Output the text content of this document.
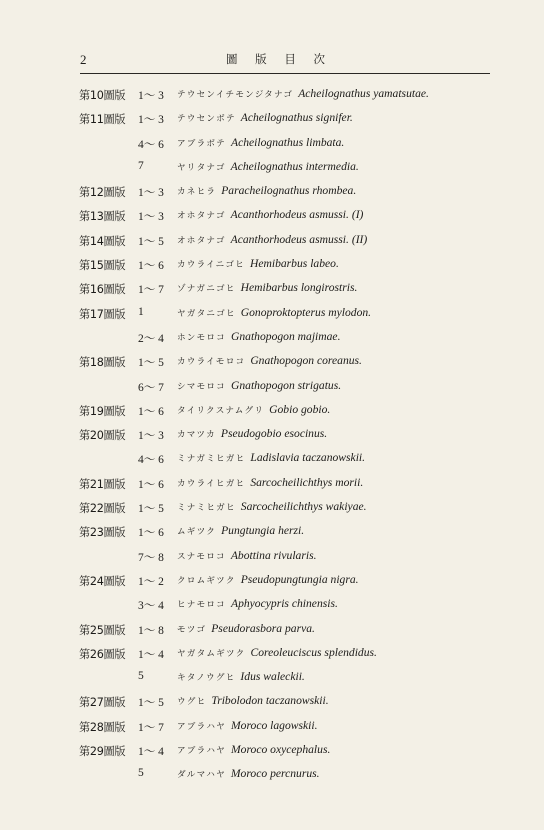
2	圖 版 目 次
第10圖版 1～ 3 テウセンイチモンジタナゴ Acheilognathus yamatsutae.
第11圖版 1～ 3 テウセンボテ Acheilognathus signifer.
4～ 6 アブラボテ Acheilognathus limbata.
7	ヤリタナゴ Acheilognathus intermedia.
第12圖版 1～ 3 カネヒラ Paracheilognathus rhombea.
第13圖版 1～ 3 オホタナゴ Acanthorhodeus asmussi. (I)
第14圖版 1～ 5 オホタナゴ Acanthorhodeus asmussi. (II)
第15圖版 1～ 6 カウライニゴヒ Hemibarbus labeo.
第16圖版 1～ 7 ゾナガニゴヒ Hemibarbus longirostris.
第17圖版 1	ヤガタニゴヒ Gonoproktopterus mylodon.
2～ 4 ホンモロコ Gnathopogon majimae.
第18圖版 1～ 5 カウライモロコ Gnathopogon coreanus.
6～ 7 シマモロコ Gnathopogon strigatus.
第19圖版 1～ 6 タイリクスナムグリ Gobio gobio.
第20圖版 1～ 3 カマツカ Pseudogobio esocinus.
4～ 6 ミナガミヒガヒ Ladislavia taczanowskii.
第21圖版 1～ 6 カウライヒガヒ Sarcocheilichthys morii.
第22圖版 1～ 5 ミナミヒガヒ Sarcocheilichthys wakiyae.
第23圖版 1～ 6 ムギツク Pungtungia herzi.
7～ 8 スナモロコ Abottina rivularis.
第24圖版 1～ 2 クロムギツク Pseudopungtungia nigra.
3～ 4 ヒナモロコ Aphyocypris chinensis.
第25圖版 1～ 8 モツゴ Pseudorasbora parva.
第26圖版 1～ 4 ヤガタムギツク Coreoleuciscus splendidus.
5	キタノウグヒ Idus waleckii.
第27圖版 1～ 5 ウグヒ Tribolodon taczanowskii.
第28圖版 1～ 7 アブラハヤ Moroco lagowskii.
第29圖版 1～ 4 アブラハヤ Moroco oxycephalus.
5	ダルマハヤ Moroco percnurus.
